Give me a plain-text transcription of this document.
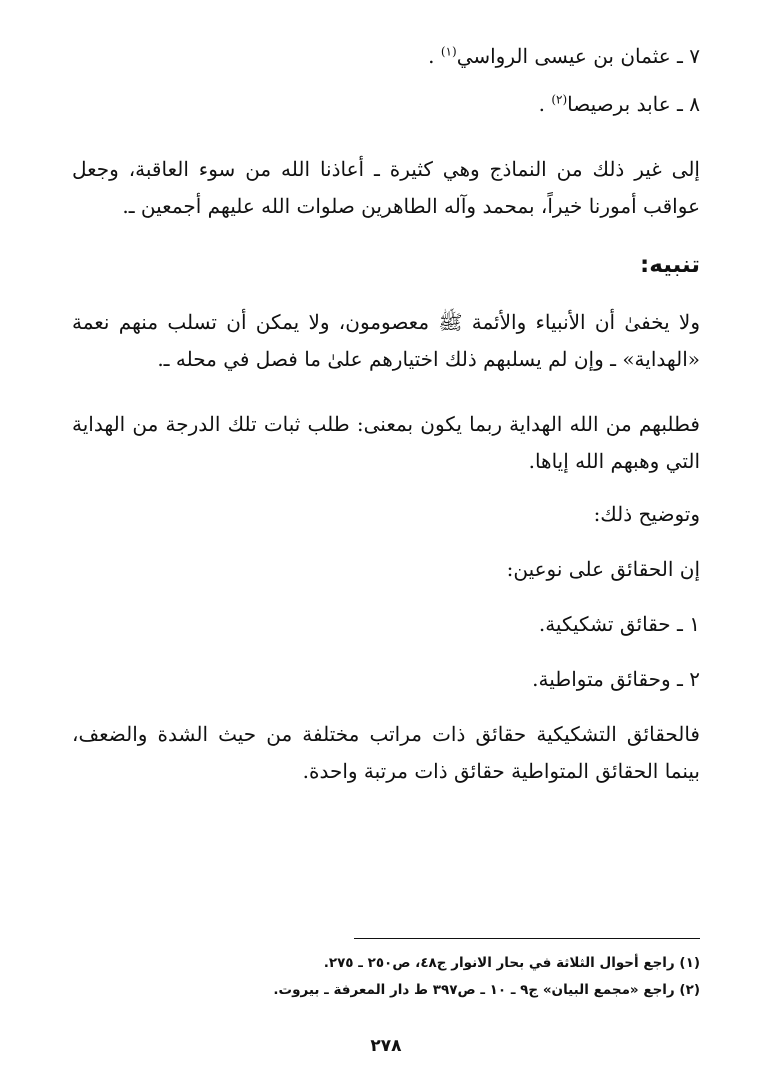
٧ ـ عثمان بن عيسى الرواسي$^{(١)}$ .

٨ ـ عابد برصيصا$^{(٢)}$ .

إلى غير ذلك من النماذج وهي كثيرة ـ أعاذنا الله من سوء العاقبة، وجعل عواقب أمورنا خيراً، بمحمد وآله الطاهرين صلوات الله عليهم أجمعين ـ.

تنبيه:

ولا يخفىٰ أن الأنبياء والأئمة ﷺ معصومون، ولا يمكن أن تسلب منهم نعمة «الهداية» ـ وإن لم يسلبهم ذلك اختيارهم علىٰ ما فصل في محله ـ.

فطلبهم من الله الهداية ربما يكون بمعنى: طلب ثبات تلك الدرجة من الهداية التي وهبهم الله إياها.

وتوضيح ذلك:

إن الحقائق على نوعين:

١ ـ حقائق تشكيكية.

٢ ـ وحقائق متواطية.

فالحقائق التشكيكية حقائق ذات مراتب مختلفة من حيث الشدة والضعف، بينما الحقائق المتواطية حقائق ذات مرتبة واحدة.

(١) راجع أحوال الثلاثة في بحار الانوار ج٤٨، ص٢٥٠ ـ ٢٧٥.

(٢) راجع «مجمع البيان» ج٩ ـ ١٠ ـ ص٣٩٧ ط دار المعرفة ـ بيروت.

٢٧٨
